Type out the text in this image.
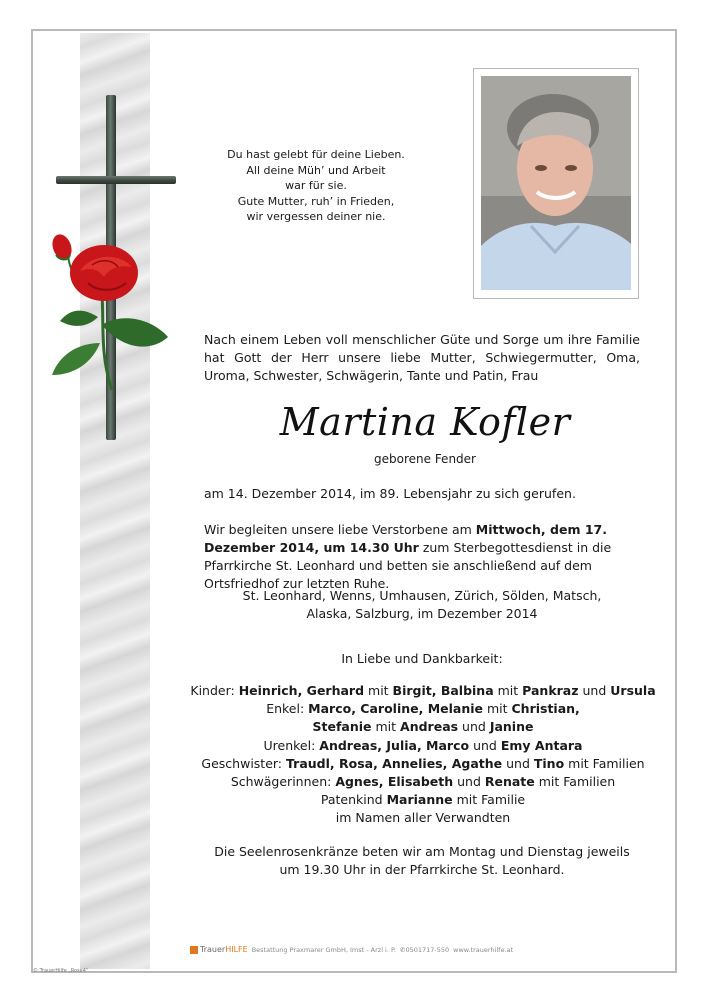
Du hast gelebt für deine Lieben.
All deine Müh’ und Arbeit
war für sie.
Gute Mutter, ruh’ in Frieden,
wir vergessen deiner nie.
Nach einem Leben voll menschlicher Güte und Sorge um ihre Familie hat Gott der Herr unsere liebe Mutter, Schwiegermutter, Oma, Uroma, Schwester, Schwägerin, Tante und Patin, Frau
Martina Kofler
geborene Fender
am 14. Dezember 2014, im 89. Lebensjahr zu sich gerufen.
Wir begleiten unsere liebe Verstorbene am Mittwoch, dem 17. Dezember 2014, um 14.30 Uhr zum Sterbegottesdienst in die Pfarrkirche St. Leonhard und betten sie anschließend auf dem Ortsfriedhof zur letzten Ruhe.
St. Leonhard, Wenns, Umhausen, Zürich, Sölden, Matsch,
Alaska, Salzburg, im Dezember 2014
In Liebe und Dankbarkeit:
Kinder: Heinrich, Gerhard mit Birgit, Balbina mit Pankraz und Ursula
Enkel: Marco, Caroline, Melanie mit Christian,
Stefanie mit Andreas und Janine
Urenkel: Andreas, Julia, Marco und Emy Antara
Geschwister: Traudl, Rosa, Annelies, Agathe und Tino mit Familien
Schwägerinnen: Agnes, Elisabeth und Renate mit Familien
Patenkind Marianne mit Familie
im Namen aller Verwandten
Die Seelenrosenkränze beten wir am Montag und Dienstag jeweils
um 19.30 Uhr in der Pfarrkirche St. Leonhard.
Trauer HILFE Bestattung Praxmarer GmbH, Imst - Arzl i. P. ✆ 0501717-550 www.trauerhilfe.at
© TrauerHilfe „Rose4“
